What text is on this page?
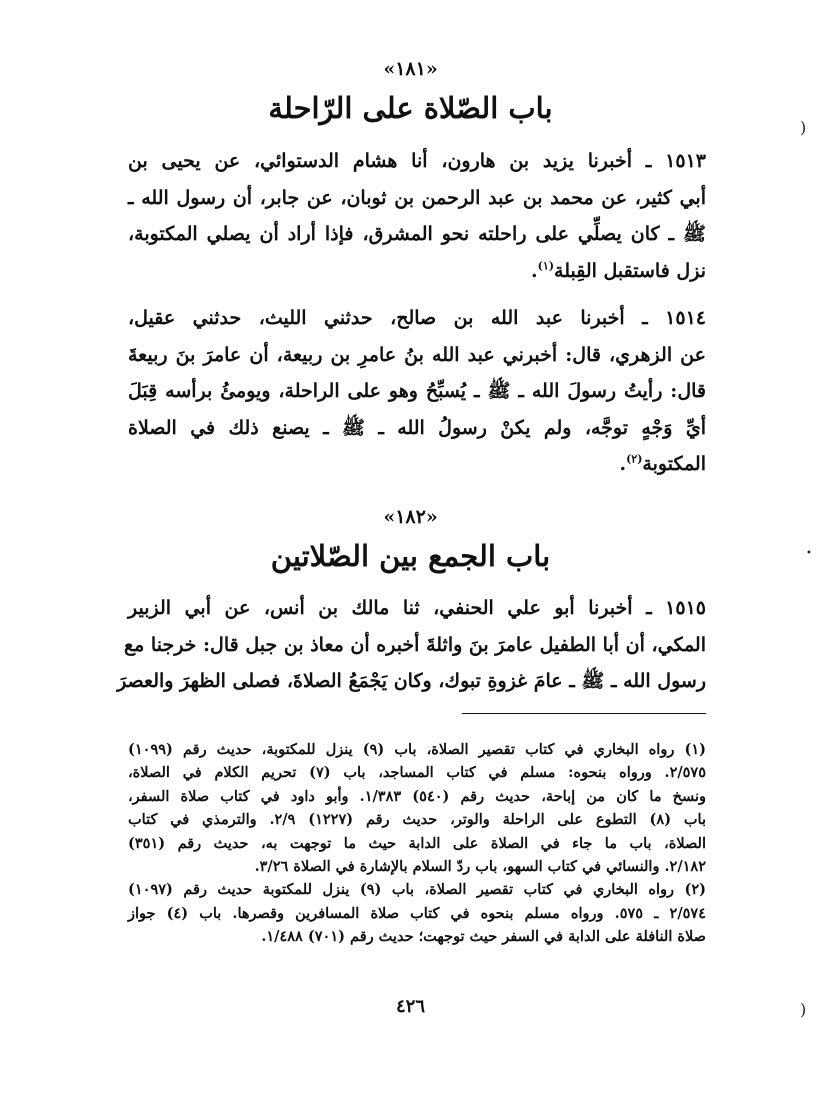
«١٨١»
باب الصّلاة على الرّاحلة
١٥١٣ ـ أخبرنا يزيد بن هارون، أنا هشام الدستوائي، عن يحيى بن
أبي كثير، عن محمد بن عبد الرحمن بن ثوبان، عن جابر، أن رسول الله ـ
ﷺ ـ كان يصلِّي على راحلته نحو المشرق، فإذا أراد أن يصلي المكتوبة،
نزل فاستقبل القِبلة$^{(١)}$.
١٥١٤ ـ أخبرنا عبد الله بن صالح، حدثني الليث، حدثني عقيل،
عن الزهري، قال: أخبرني عبد الله بنُ عامرِ بن ربيعة، أن عامرَ بنَ ربيعةَ
قال: رأيتُ رسولَ الله ـ ﷺ ـ يُسبِّحُ وهو على الراحلة، ويومئُ برأسه قِبَلَ
أيِّ وَجْهٍ توجَّه، ولم يكنْ رسولُ الله ـ ﷺ ـ يصنع ذلك في الصلاة
المكتوبة$^{(٢)}$.
«١٨٢»
باب الجمع بين الصّلاتين
١٥١٥ ـ أخبرنا أبو علي الحنفي، ثنا مالك بن أنس، عن أبي الزبير
المكي، أن أبا الطفيل عامرَ بنَ واثلةَ أخبره أن معاذ بن جبل قال: خرجنا مع
رسول الله ـ ﷺ ـ عامَ غزوةِ تبوك، وكان يَجْمَعُ الصلاةَ، فصلى الظهرَ والعصرَ
(١) رواه البخاري في كتاب تقصير الصلاة، باب (٩) ينزل للمكتوبة، حديث رقم (١٠٩٩)
٢/٥٧٥. ورواه بنحوه: مسلم في كتاب المساجد، باب (٧) تحريم الكلام في الصلاة،
ونسخ ما كان من إباحة، حديث رقم (٥٤٠) ١/٣٨٣. وأبو داود في كتاب صلاة السفر،
باب (٨) التطوع على الراحلة والوتر، حديث رقم (١٢٢٧) ٢/٩. والترمذي في كتاب
الصلاة، باب ما جاء في الصلاة على الدابة حيث ما توجهت به، حديث رقم (٣٥١)
٢/١٨٢. والنسائي في كتاب السهو، باب ردّ السلام بالإشارة في الصلاة ٣/٢٦.
(٢) رواه البخاري في كتاب تقصير الصلاة، باب (٩) ينزل للمكتوبة حديث رقم (١٠٩٧)
٢/٥٧٤ ـ ٥٧٥. ورواه مسلم بنحوه في كتاب صلاة المسافرين وقصرها. باب (٤) جواز
صلاة النافلة على الدابة في السفر حيث توجهت؛ حديث رقم (٧٠١) ١/٤٨٨.
٤٢٦
(
•
(
